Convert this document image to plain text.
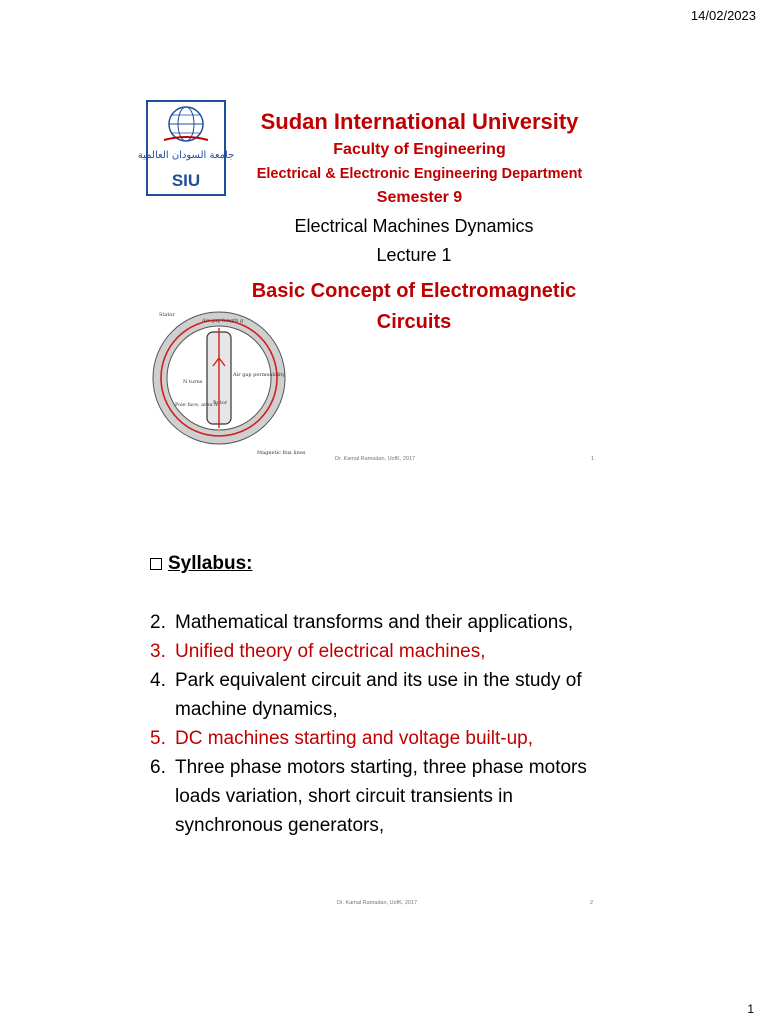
14/02/2023
جامعة السودان العالمية
SIU
Sudan International University
Faculty of Engineering
Electrical & Electronic Engineering Department
Semester 9
Electrical Machines Dynamics
Lecture 1
Basic Concept of Electromagnetic
Circuits
Stator
Air gap length g
Air gap permeability
N turns
Pole face, area A
Rotor
Magnetic flux lines
Dr. Kamal Ramadan, UofK, 2017	1
Syllabus:
2. Mathematical transforms and their applications,
3. Unified theory of electrical machines,
4. Park equivalent circuit and its use in the study of machine dynamics,
5. DC machines starting and voltage built-up,
6. Three phase motors starting, three phase motors loads variation, short circuit transients in synchronous generators,
Dr. Kamal Ramadan, UofK, 2017	2
1
